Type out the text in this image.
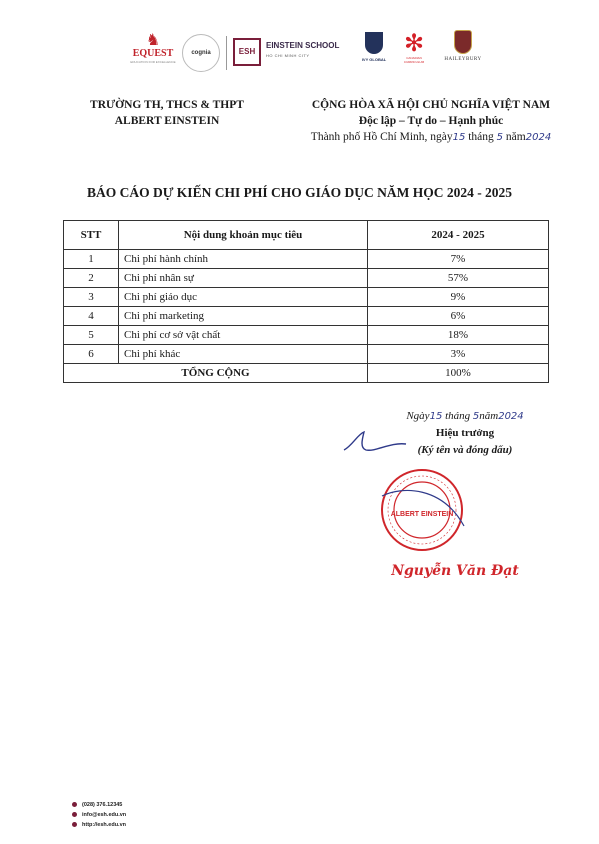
♞
EQUEST
EDUCATION FOR EXCELLENCE
cognia	ESH
EINSTEIN SCHOOL
HO CHI MINH CITY
IVY GLOBAL
✻
CANADIAN CURRICULUM	HAILEYBURY
TRƯỜNG TH, THCS & THPT
ALBERT EINSTEIN
CỘNG HÒA XÃ HỘI CHỦ NGHĨA VIỆT NAM
Độc lập – Tự do – Hạnh phúc
Thành phố Hồ Chí Minh, ngày15 tháng 5 năm2024
BÁO CÁO DỰ KIẾN CHI PHÍ CHO GIÁO DỤC NĂM HỌC 2024 - 2025
STT	Nội dung khoản mục tiêu	2024 - 2025
1	Chi phí hành chính	7%
2	Chi phí nhân sự	57%
3	Chi phí giáo dục	9%
4	Chi phí marketing	6%
5	Chi phí cơ sở vật chất	18%
6	Chi phí khác	3%
TỔNG CỘNG		100%
Ngày15 tháng 5năm2024
Hiệu trưởng
(Ký tên và đóng dấu)
ALBERT EINSTEIN
Nguyễn Văn Đạt
(028) 376.12345
info@esh.edu.vn
http://esh.edu.vn
